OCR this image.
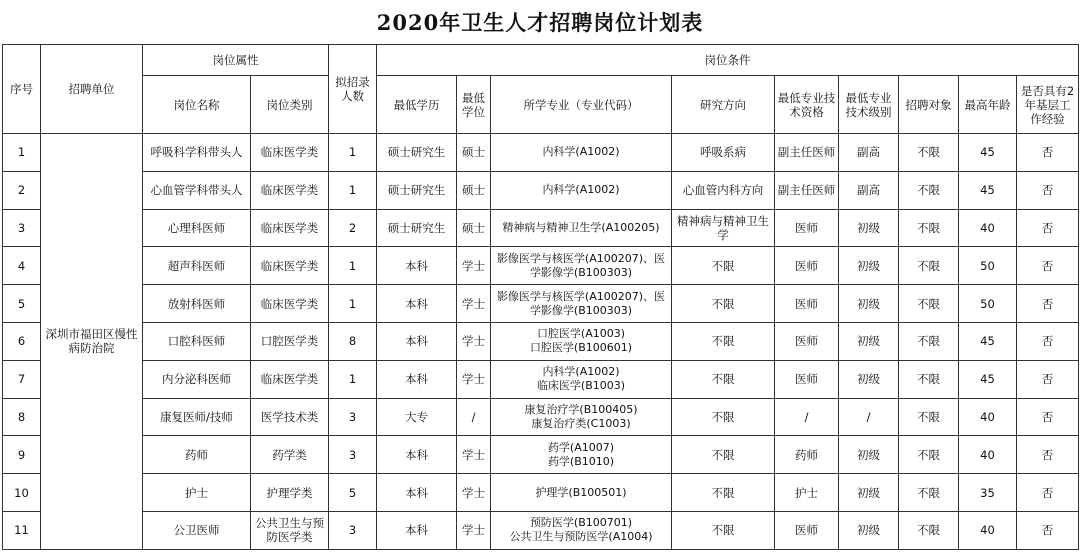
2020年卫生人才招聘岗位计划表
序号	招聘单位	岗位属性		拟招录人数	岗位条件								
		岗位名称	岗位类别		最低学历	最低学位	所学专业（专业代码）	研究方向	最低专业技术资格	最低专业技术级别	招聘对象	最高年龄	是否具有2年基层工作经验
1	深圳市福田区慢性病防治院	呼吸科学科带头人	临床医学类	1	硕士研究生	硕士	内科学(A1002)	呼吸系病	副主任医师	副高	不限	45	否
2		心血管学科带头人	临床医学类	1	硕士研究生	硕士	内科学(A1002)	心血管内科方向	副主任医师	副高	不限	45	否
3		心理科医师	临床医学类	2	硕士研究生	硕士	精神病与精神卫生学(A100205)	精神病与精神卫生学	医师	初级	不限	40	否
4		超声科医师	临床医学类	1	本科	学士	影像医学与核医学(A100207)、医学影像学(B100303)	不限	医师	初级	不限	50	否
5		放射科医师	临床医学类	1	本科	学士	影像医学与核医学(A100207)、医学影像学(B100303)	不限	医师	初级	不限	50	否
6		口腔科医师	口腔医学类	8	本科	学士	口腔医学(A1003)
口腔医学(B100601)	不限	医师	初级	不限	45	否
7		内分泌科医师	临床医学类	1	本科	学士	内科学(A1002)
临床医学(B1003)	不限	医师	初级	不限	45	否
8		康复医师/技师	医学技术类	3	大专	/	康复治疗学(B100405)
康复治疗类(C1003)	不限	/	/	不限	40	否
9		药师	药学类	3	本科	学士	药学(A1007)
药学(B1010)	不限	药师	初级	不限	40	否
10		护士	护理学类	5	本科	学士	护理学(B100501)	不限	护士	初级	不限	35	否
11		公卫医师	公共卫生与预防医学类	3	本科	学士	预防医学(B100701)
公共卫生与预防医学(A1004)	不限	医师	初级	不限	40	否
